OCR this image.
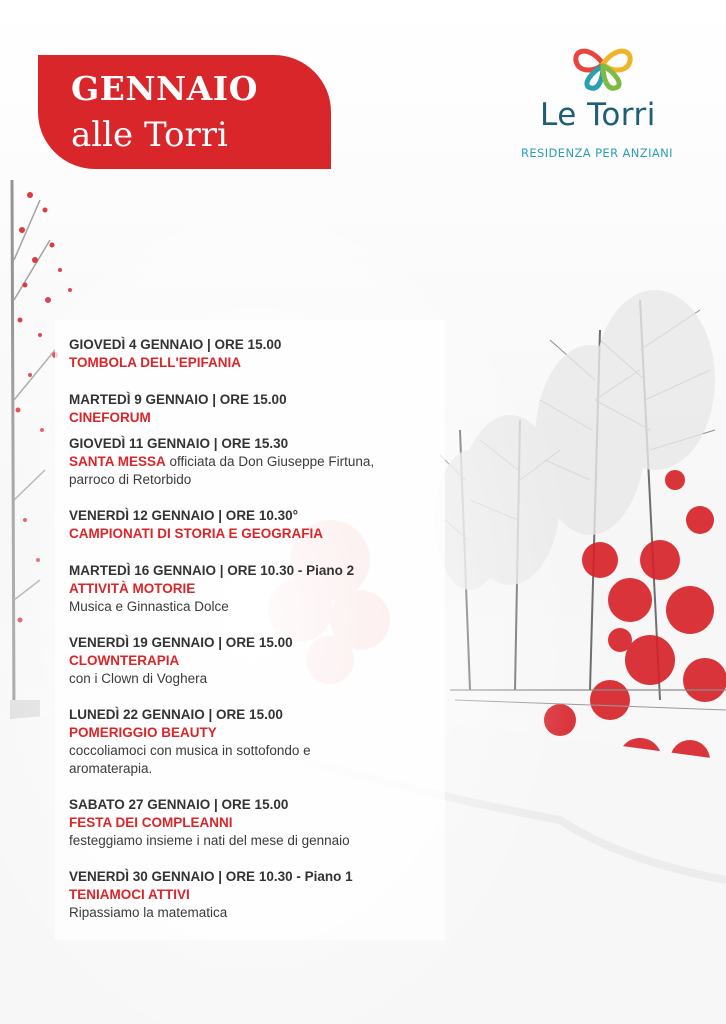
GENNAIO
alle Torri	Le Torri
RESIDENZA PER ANZIANI
GIOVEDÌ 4 GENNAIO | ORE 15.00
TOMBOLA DELL'EPIFANIA
MARTEDÌ 9 GENNAIO | ORE 15.00
CINEFORUM
GIOVEDÌ 11 GENNAIO | ORE 15.30
SANTA MESSA officiata da Don Giuseppe Firtuna,
parroco di Retorbido
VENERDÌ 12 GENNAIO | ORE 10.30°
CAMPIONATI DI STORIA E GEOGRAFIA
MARTEDÌ 16 GENNAIO | ORE 10.30 - Piano 2
ATTIVITÀ MOTORIE
Musica e Ginnastica Dolce
VENERDÌ 19 GENNAIO | ORE 15.00
CLOWNTERAPIA
con i Clown di Voghera
LUNEDÌ 22 GENNAIO | ORE 15.00
POMERIGGIO BEAUTY
coccoliamoci con musica in sottofondo e
aromaterapia.
SABATO 27 GENNAIO | ORE 15.00
FESTA DEI COMPLEANNI
festeggiamo insieme i nati del mese di gennaio
VENERDÌ 30 GENNAIO | ORE 10.30 - Piano 1
TENIAMOCI ATTIVI
Ripassiamo la matematica
